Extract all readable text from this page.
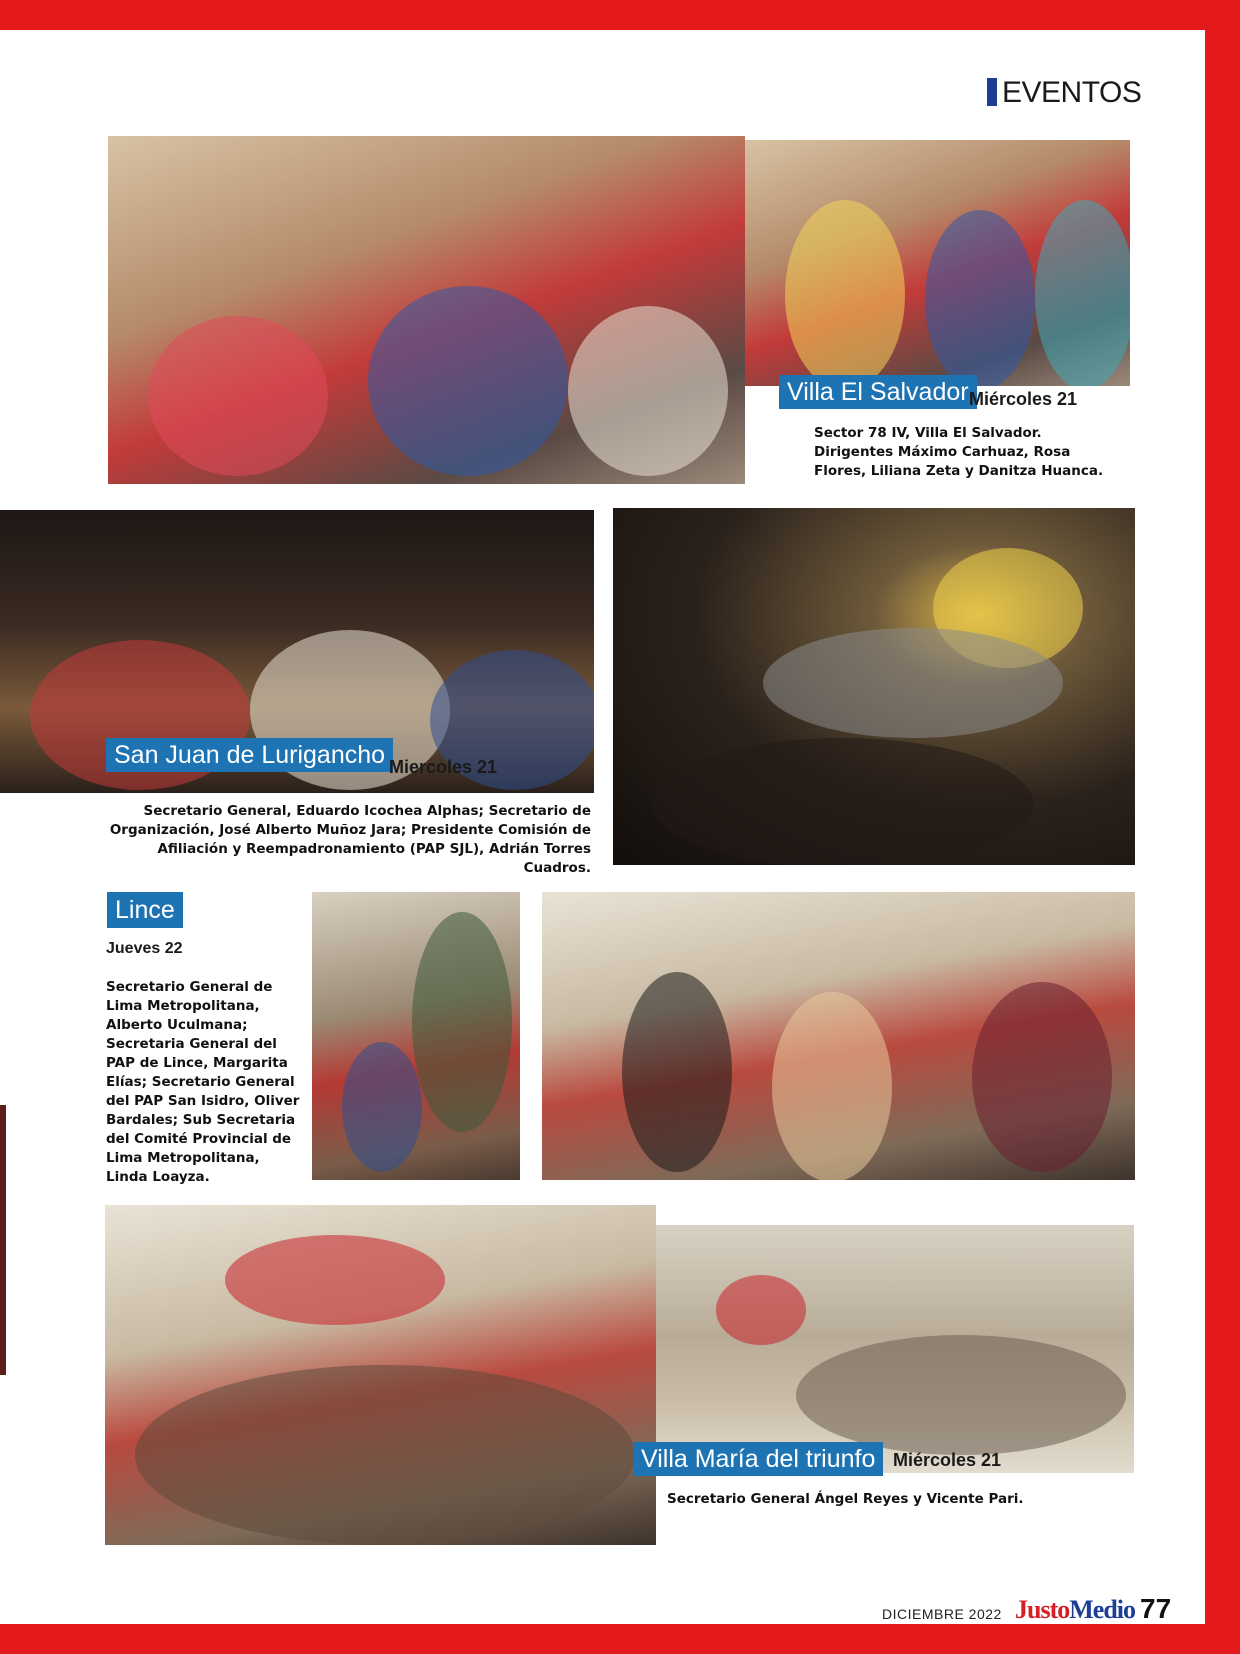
EVENTOS
Villa El Salvador Miércoles 21
Sector 78 IV, Villa El Salvador. Dirigentes Máximo Carhuaz, Rosa Flores, Liliana Zeta y Danitza Huanca.
San Juan de Lurigancho Miercoles 21
Secretario General, Eduardo Icochea Alphas; Secretario de Organización, José Alberto Muñoz Jara; Presidente Comisión de Afiliación y Reempadronamiento (PAP SJL), Adrián Torres Cuadros.
Lince
Jueves 22
Secretario General de Lima Metropolitana, Alberto Uculmana; Secretaria General del PAP de Lince, Margarita Elías; Secretario General del PAP San Isidro, Oliver Bardales; Sub Secretaria del Comité Provincial de Lima Metropolitana, Linda Loayza.
Villa María del triunfo Miércoles 21
Secretario General Ángel Reyes y Vicente Pari.
DICIEMBRE 2022 JustoMedio 77
